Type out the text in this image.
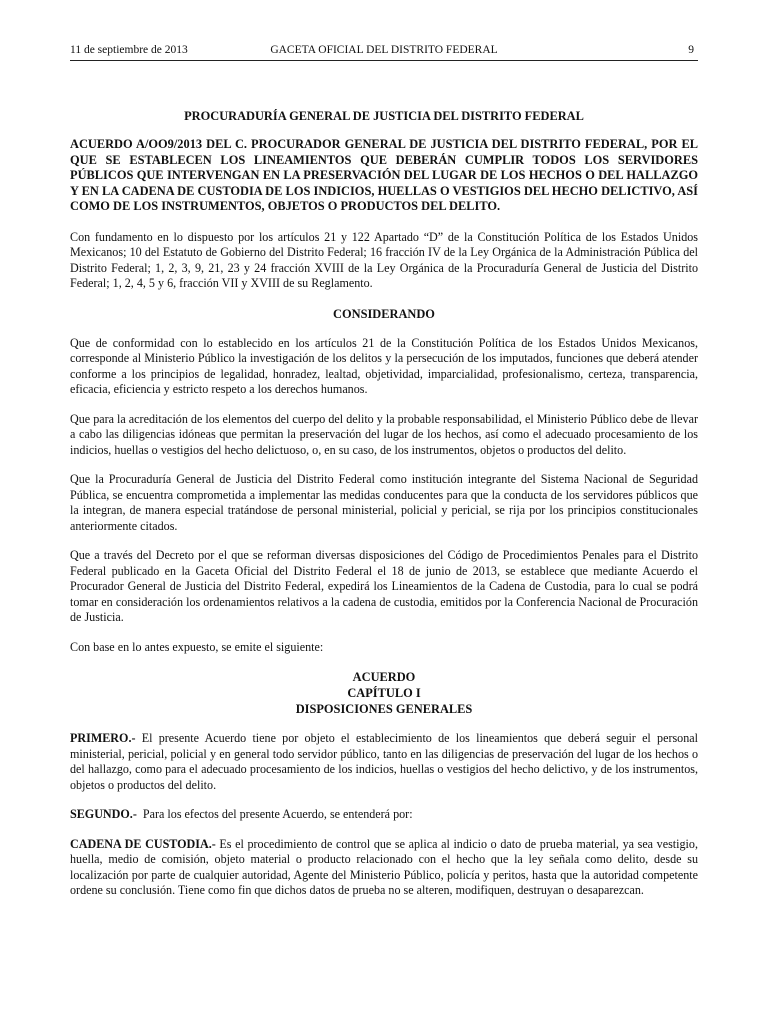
11 de septiembre de 2013	GACETA OFICIAL DEL DISTRITO FEDERAL	9

PROCURADURÍA GENERAL DE JUSTICIA DEL DISTRITO FEDERAL

ACUERDO A/OO9/2013 DEL C. PROCURADOR GENERAL DE JUSTICIA DEL DISTRITO FEDERAL, POR EL QUE SE ESTABLECEN LOS LINEAMIENTOS QUE DEBERÁN CUMPLIR TODOS LOS SERVIDORES PÚBLICOS QUE INTERVENGAN EN LA PRESERVACIÓN DEL LUGAR DE LOS HECHOS O DEL HALLAZGO Y EN LA CADENA DE CUSTODIA DE LOS INDICIOS, HUELLAS O VESTIGIOS DEL HECHO DELICTIVO, ASÍ COMO DE LOS INSTRUMENTOS, OBJETOS O PRODUCTOS DEL DELITO.

Con fundamento en lo dispuesto por los artículos 21 y 122 Apartado “D” de la Constitución Política de los Estados Unidos Mexicanos; 10 del Estatuto de Gobierno del Distrito Federal; 16 fracción IV de la Ley Orgánica de la Administración Pública del Distrito Federal; 1, 2, 3, 9, 21, 23 y 24 fracción XVIII de la Ley Orgánica de la Procuraduría General de Justicia del Distrito Federal; 1, 2, 4, 5 y 6, fracción VII y XVIII de su Reglamento.

CONSIDERANDO

Que de conformidad con lo establecido en los artículos 21 de la Constitución Política de los Estados Unidos Mexicanos, corresponde al Ministerio Público la investigación de los delitos y la persecución de los imputados, funciones que deberá atender conforme a los principios de legalidad, honradez, lealtad, objetividad, imparcialidad, profesionalismo, certeza, transparencia, eficacia, eficiencia y estricto respeto a los derechos humanos.

Que para la acreditación de los elementos del cuerpo del delito y la probable responsabilidad, el Ministerio Público debe de llevar a cabo las diligencias idóneas que permitan la preservación del lugar de los hechos, así como el adecuado procesamiento de los indicios, huellas o vestigios del hecho delictuoso, o, en su caso, de los instrumentos, objetos o productos del delito.

Que la Procuraduría General de Justicia del Distrito Federal como institución integrante del Sistema Nacional de Seguridad Pública, se encuentra comprometida a implementar las medidas conducentes para que la conducta de los servidores públicos que la integran, de manera especial tratándose de personal ministerial, policial y pericial, se rija por los principios constitucionales anteriormente citados.

Que a través del Decreto por el que se reforman diversas disposiciones del Código de Procedimientos Penales para el Distrito Federal publicado en la Gaceta Oficial del Distrito Federal el 18 de junio de 2013, se establece que mediante Acuerdo el Procurador General de Justicia del Distrito Federal, expedirá los Lineamientos de la Cadena de Custodia, para lo cual se podrá tomar en consideración los ordenamientos relativos a la cadena de custodia, emitidos por la Conferencia Nacional de Procuración de Justicia.

Con base en lo antes expuesto, se emite el siguiente:

ACUERDO
CAPÍTULO I
DISPOSICIONES GENERALES

PRIMERO.- El presente Acuerdo tiene por objeto el establecimiento de los lineamientos que deberá seguir el personal ministerial, pericial, policial y en general todo servidor público, tanto en las diligencias de preservación del lugar de los hechos o del hallazgo, como para el adecuado procesamiento de los indicios, huellas o vestigios del hecho delictivo, y de los instrumentos, objetos o productos del delito.

SEGUNDO.-  Para los efectos del presente Acuerdo, se entenderá por:

CADENA DE CUSTODIA.- Es el procedimiento de control que se aplica al indicio o dato de prueba material, ya sea vestigio, huella, medio de comisión, objeto material o producto relacionado con el hecho que la ley señala como delito, desde su localización por parte de cualquier autoridad, Agente del Ministerio Público, policía y peritos, hasta que la autoridad competente ordene su conclusión. Tiene como fin que dichos datos de prueba no se alteren, modifiquen, destruyan o desaparezcan.
